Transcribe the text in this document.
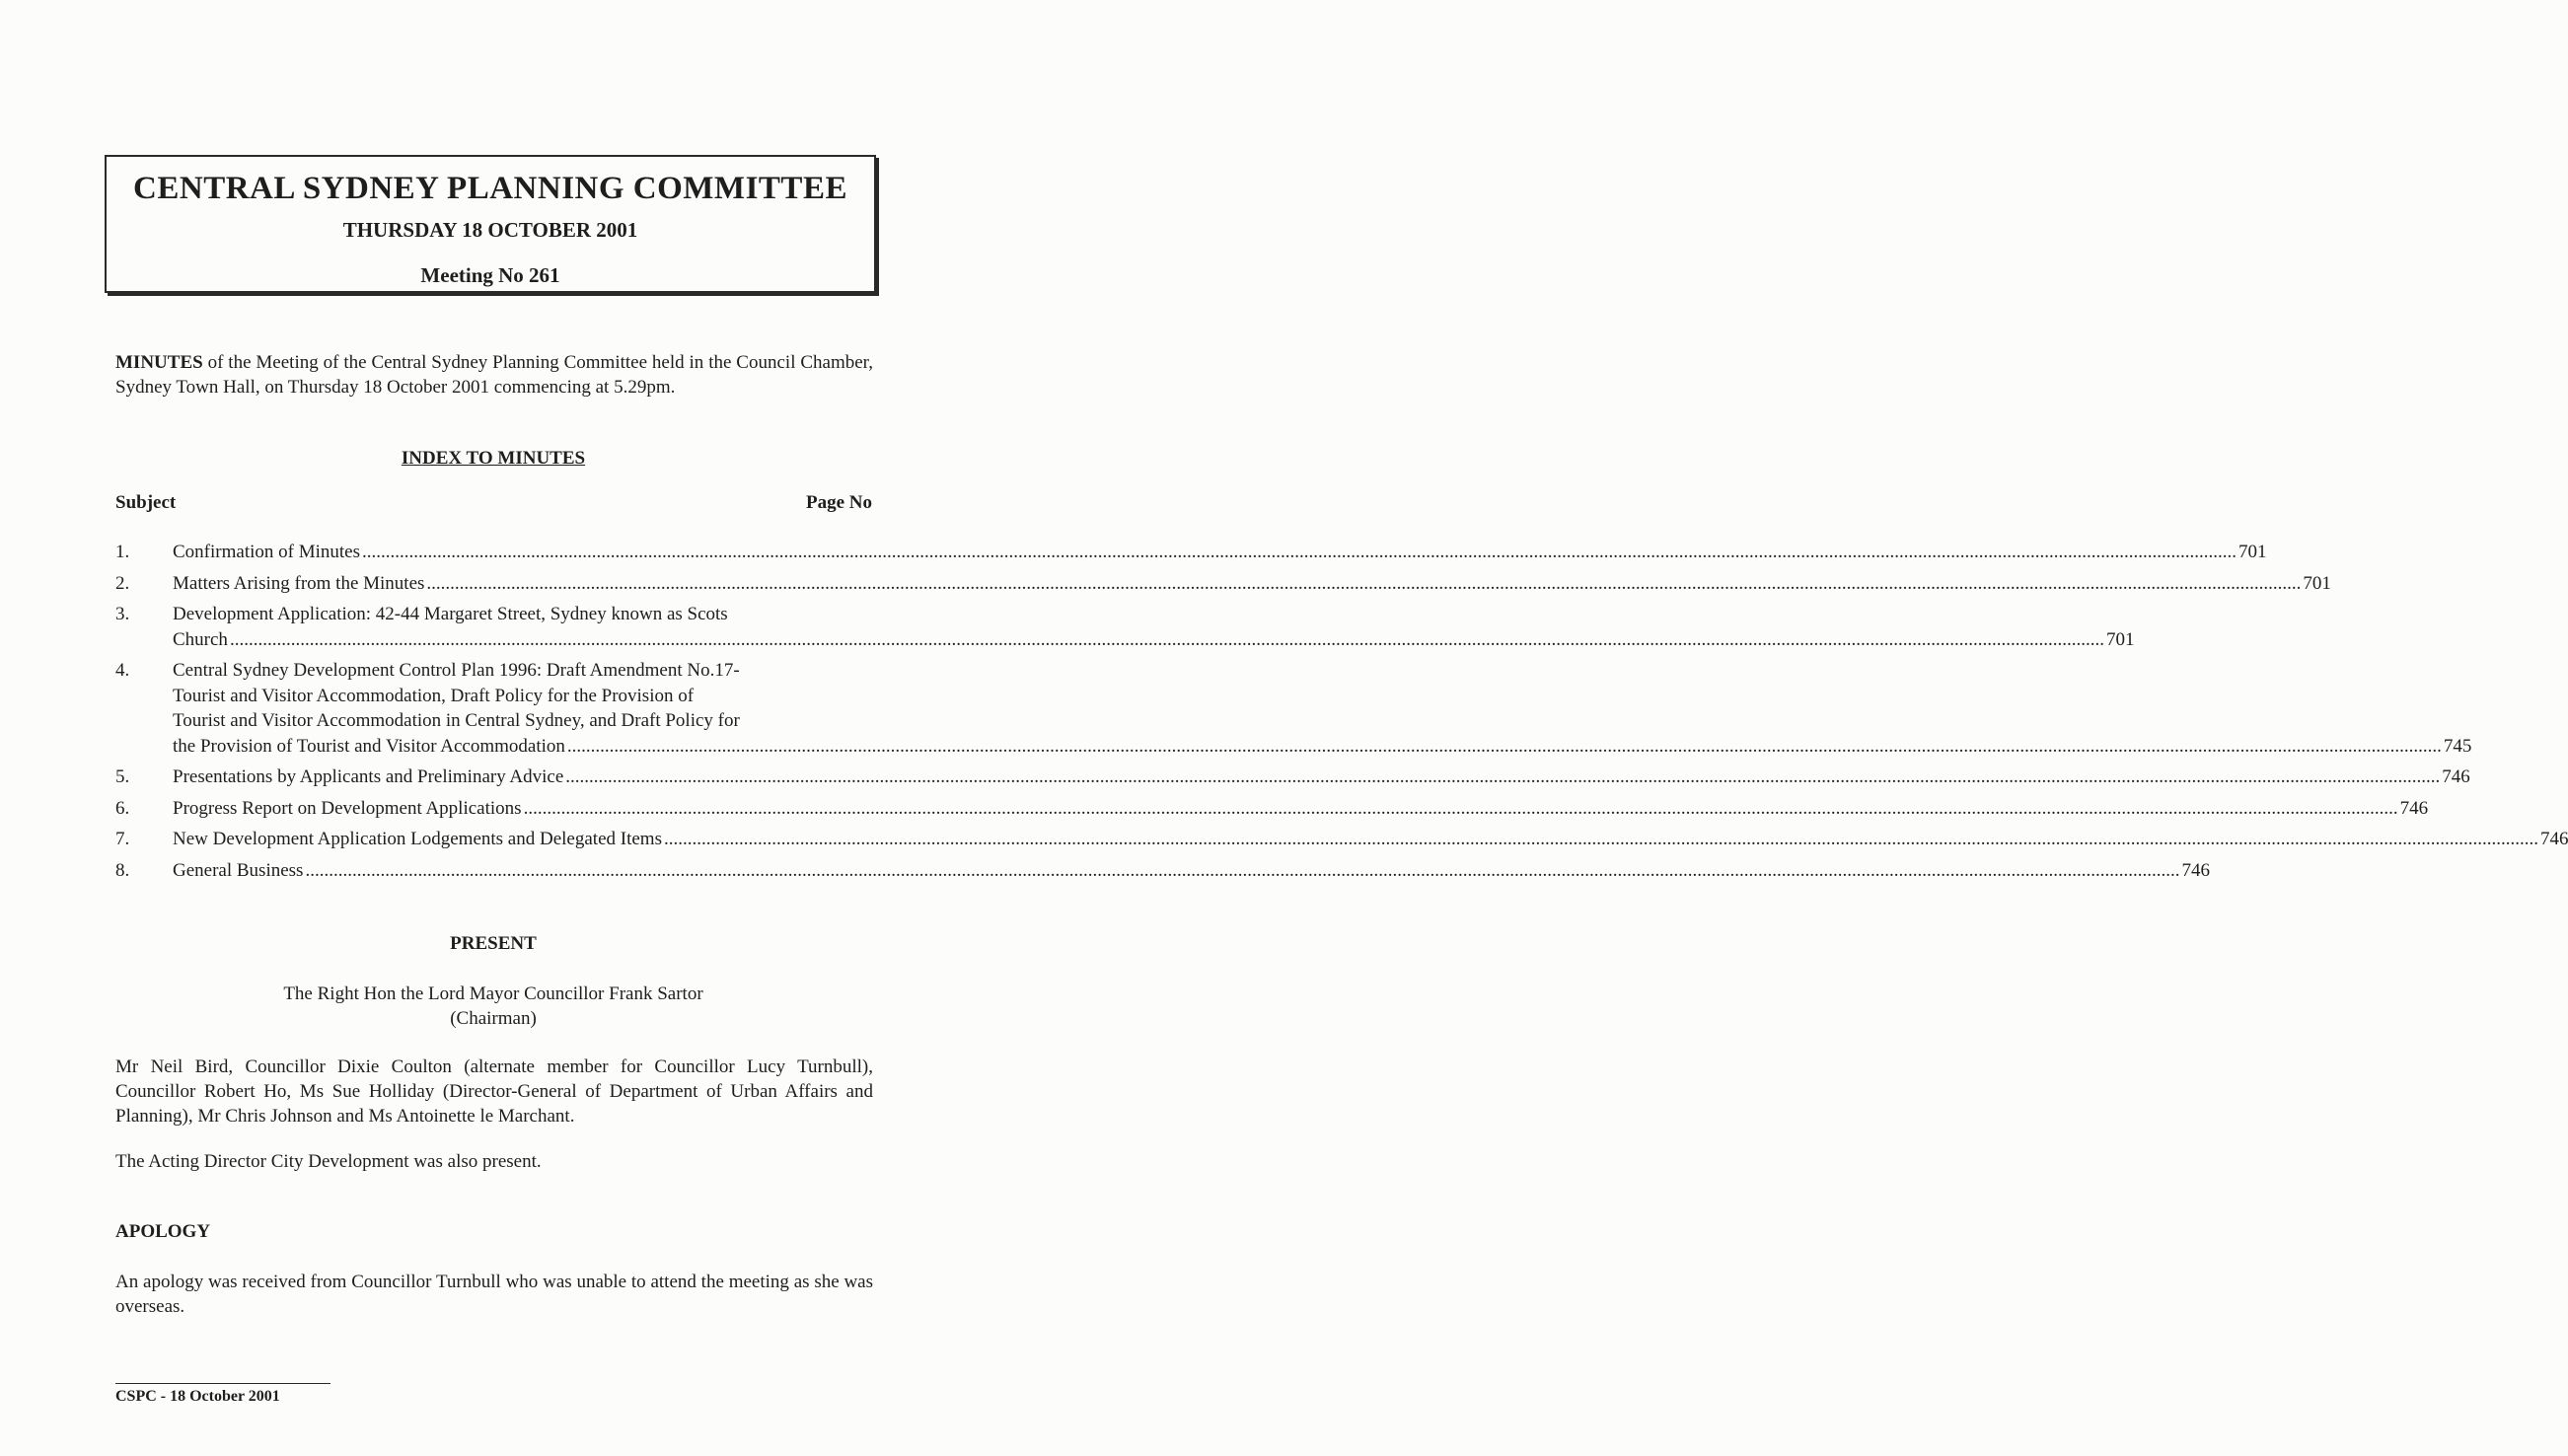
CENTRAL SYDNEY PLANNING COMMITTEE
THURSDAY 18 OCTOBER 2001
Meeting No 261
MINUTES of the Meeting of the Central Sydney Planning Committee held in the Council Chamber, Sydney Town Hall, on Thursday 18 October 2001 commencing at 5.29pm.
INDEX TO MINUTES
Subject	Page No
1. Confirmation of Minutes ................................................................................................................................................................................................................................................................................................................................................................................................................ 701
2. Matters Arising from the Minutes ................................................................................................................................................................................................................................................................................................................................................................................................................ 701
3. Development Application: 42-44 Margaret Street, Sydney known as Scots
Church ................................................................................................................................................................................................................................................................................................................................................................................................................ 701
4. Central Sydney Development Control Plan 1996: Draft Amendment No.17-
Tourist and Visitor Accommodation, Draft Policy for the Provision of
Tourist and Visitor Accommodation in Central Sydney, and Draft Policy for
the Provision of Tourist and Visitor Accommodation ................................................................................................................................................................................................................................................................................................................................................................................................................ 745
5. Presentations by Applicants and Preliminary Advice ................................................................................................................................................................................................................................................................................................................................................................................................................ 746
6. Progress Report on Development Applications ................................................................................................................................................................................................................................................................................................................................................................................................................ 746
7. New Development Application Lodgements and Delegated Items ................................................................................................................................................................................................................................................................................................................................................................................................................ 746
8. General Business ................................................................................................................................................................................................................................................................................................................................................................................................................ 746
PRESENT
The Right Hon the Lord Mayor Councillor Frank Sartor
(Chairman)
Mr Neil Bird, Councillor Dixie Coulton (alternate member for Councillor Lucy Turnbull), Councillor Robert Ho, Ms Sue Holliday (Director-General of Department of Urban Affairs and Planning), Mr Chris Johnson and Ms Antoinette le Marchant.
The Acting Director City Development was also present.
APOLOGY
An apology was received from Councillor Turnbull who was unable to attend the meeting as she was overseas.
CSPC - 18 October 2001
